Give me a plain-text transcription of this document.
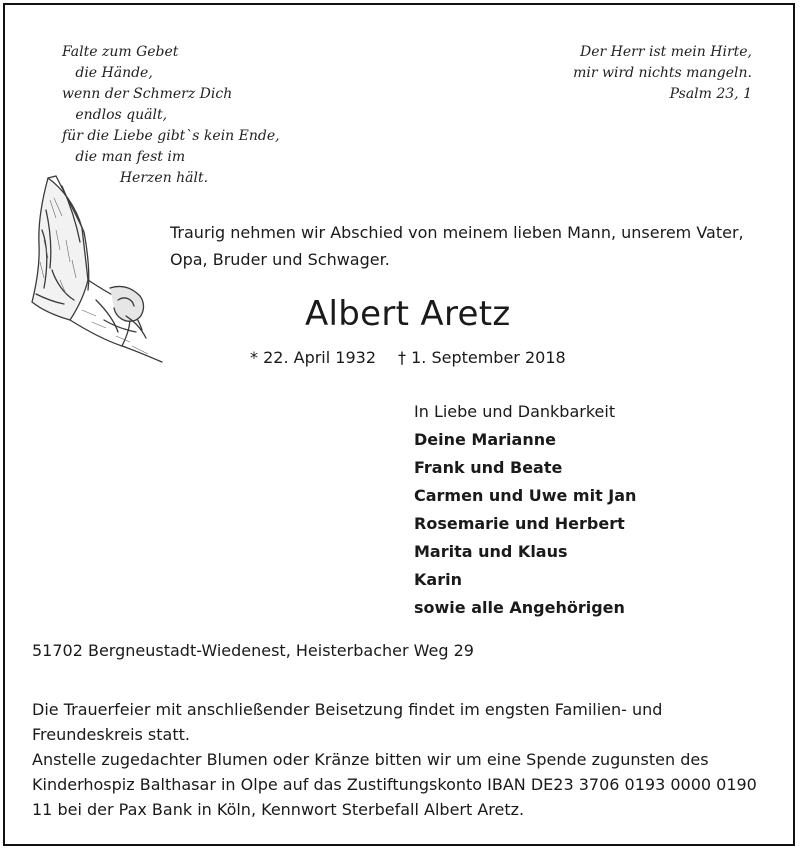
Falte zum Gebet
die Hände,
wenn der Schmerz Dich
endlos quält,
für die Liebe gibt`s kein Ende,
die man fest im
Herzen hält.
Der Herr ist mein Hirte,
mir wird nichts mangeln.
Psalm 23, 1
Traurig nehmen wir Abschied von meinem lieben Mann, unserem Vater, Opa, Bruder und Schwager.
Albert Aretz
* 22. April 1932 † 1. September 2018
In Liebe und Dankbarkeit
Deine Marianne
Frank und Beate
Carmen und Uwe mit Jan
Rosemarie und Herbert
Marita und Klaus
Karin
sowie alle Angehörigen
51702 Bergneustadt-Wiedenest, Heisterbacher Weg 29

Die Trauerfeier mit anschließender Beisetzung findet im engsten Familien- und Freundeskreis statt.

Anstelle zugedachter Blumen oder Kränze bitten wir um eine Spende zugunsten des Kinderhospiz Balthasar in Olpe auf das Zustiftungskonto IBAN DE23 3706 0193 0000 0190 11 bei der Pax Bank in Köln, Kennwort Sterbefall Albert Aretz.
